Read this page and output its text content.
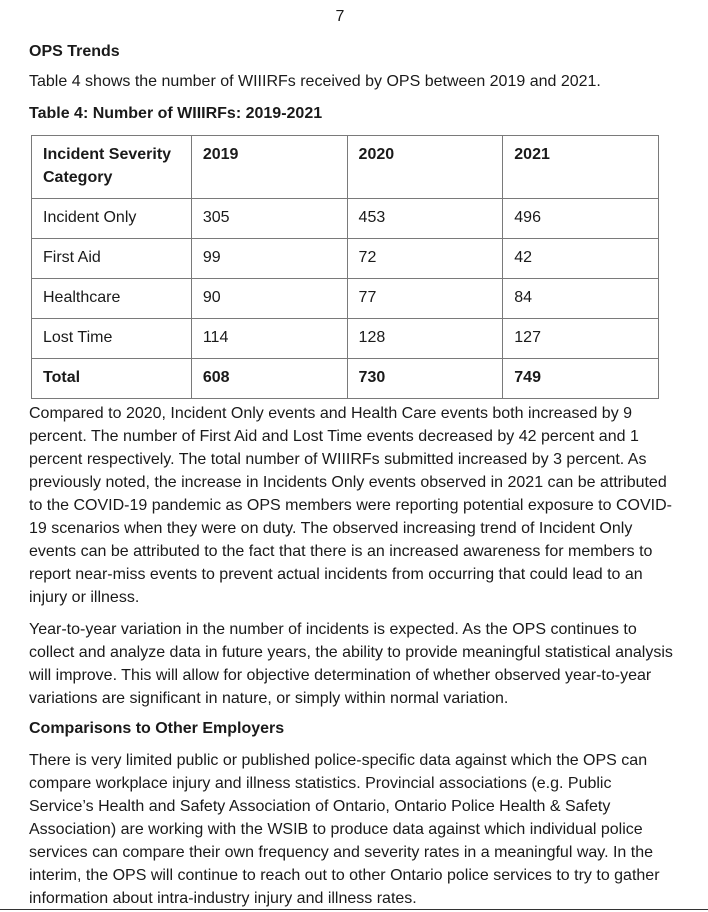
7
OPS Trends

Table 4 shows the number of WIIIRFs received by OPS between 2019 and 2021.

Table 4: Number of WIIIRFs: 2019-2021

Incident Severity Category	2019	2020	2021
Incident Only	305	453	496
First Aid	99	72	42
Healthcare	90	77	84
Lost Time	114	128	127
Total	608	730	749

Compared to 2020, Incident Only events and Health Care events both increased by 9 percent. The number of First Aid and Lost Time events decreased by 42 percent and 1 percent respectively. The total number of WIIIRFs submitted increased by 3 percent. As previously noted, the increase in Incidents Only events observed in 2021 can be attributed to the COVID-19 pandemic as OPS members were reporting potential exposure to COVID-19 scenarios when they were on duty. The observed increasing trend of Incident Only events can be attributed to the fact that there is an increased awareness for members to report near-miss events to prevent actual incidents from occurring that could lead to an injury or illness.

Year-to-year variation in the number of incidents is expected. As the OPS continues to collect and analyze data in future years, the ability to provide meaningful statistical analysis will improve. This will allow for objective determination of whether observed year-to-year variations are significant in nature, or simply within normal variation.

Comparisons to Other Employers

There is very limited public or published police-specific data against which the OPS can compare workplace injury and illness statistics. Provincial associations (e.g. Public Service’s Health and Safety Association of Ontario, Ontario Police Health & Safety Association) are working with the WSIB to produce data against which individual police services can compare their own frequency and severity rates in a meaningful way. In the interim, the OPS will continue to reach out to other Ontario police services to try to gather information about intra-industry injury and illness rates.
